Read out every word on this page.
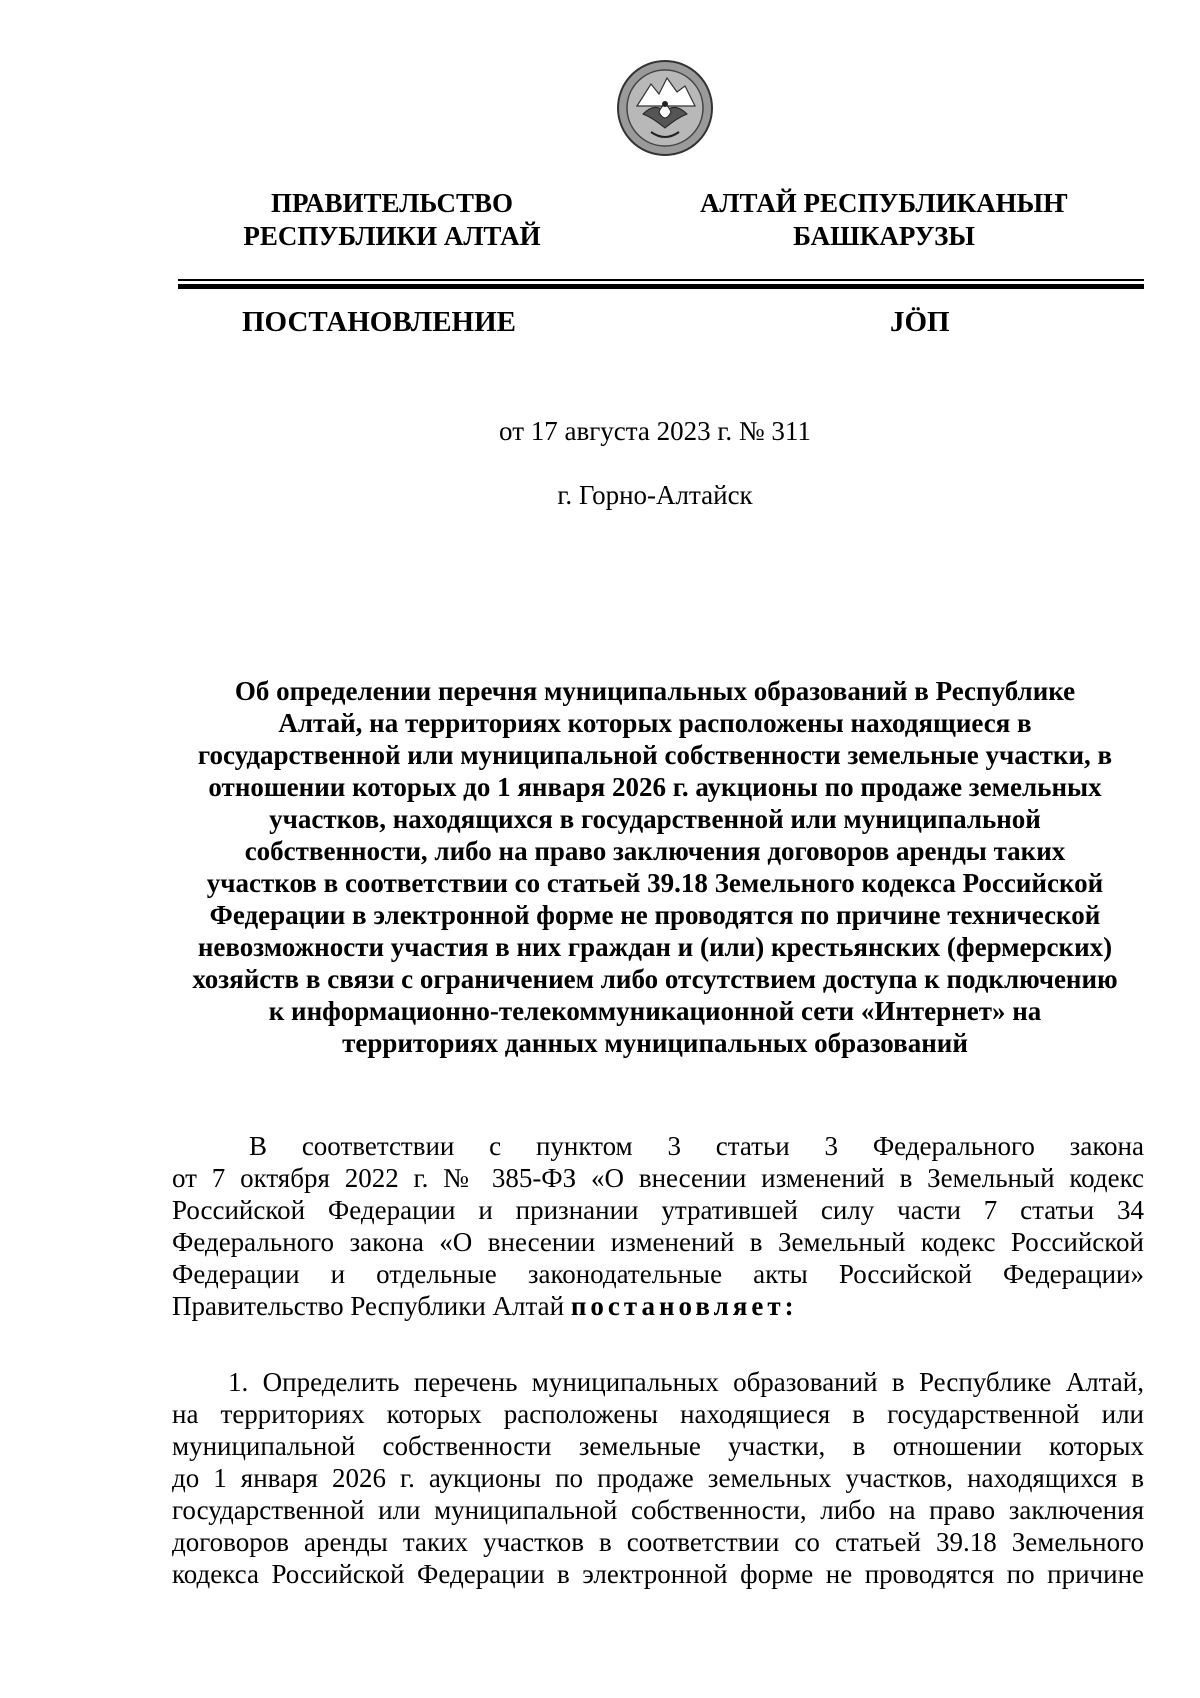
ПРАВИТЕЛЬСТВО
РЕСПУБЛИКИ АЛТАЙ
АЛТАЙ РЕСПУБЛИКАНЫҤ
БАШКАРУЗЫ
ПОСТАНОВЛЕНИЕ	JӦП
от 17 августа 2023 г. № 311
г. Горно-Алтайск
Об определении перечня муниципальных образований в Республике
Алтай, на территориях которых расположены находящиеся в
государственной или муниципальной собственности земельные участки, в
отношении которых до 1 января 2026 г. аукционы по продаже земельных
участков, находящихся в государственной или муниципальной
собственности, либо на право заключения договоров аренды таких
участков в соответствии со статьей 39.18 Земельного кодекса Российской
Федерации в электронной форме не проводятся по причине технической
невозможности участия в них граждан и (или) крестьянских (фермерских)
хозяйств в связи с ограничением либо отсутствием доступа к подключению
к информационно-телекоммуникационной сети «Интернет» на
территориях данных муниципальных образований
В соответствии с пунктом 3 статьи 3 Федерального закона
от 7 октября 2022 г. № 385-ФЗ «О внесении изменений в Земельный кодекс
Российской Федерации и признании утратившей силу части 7 статьи 34
Федерального закона «О внесении изменений в Земельный кодекс Российской
Федерации и отдельные законодательные акты Российской Федерации»
Правительство Республики Алтай постановляет:
1. Определить перечень муниципальных образований в Республике Алтай,
на территориях которых расположены находящиеся в государственной или
муниципальной собственности земельные участки, в отношении которых
до 1 января 2026 г. аукционы по продаже земельных участков, находящихся в
государственной или муниципальной собственности, либо на право заключения
договоров аренды таких участков в соответствии со статьей 39.18 Земельного
кодекса Российской Федерации в электронной форме не проводятся по причине
